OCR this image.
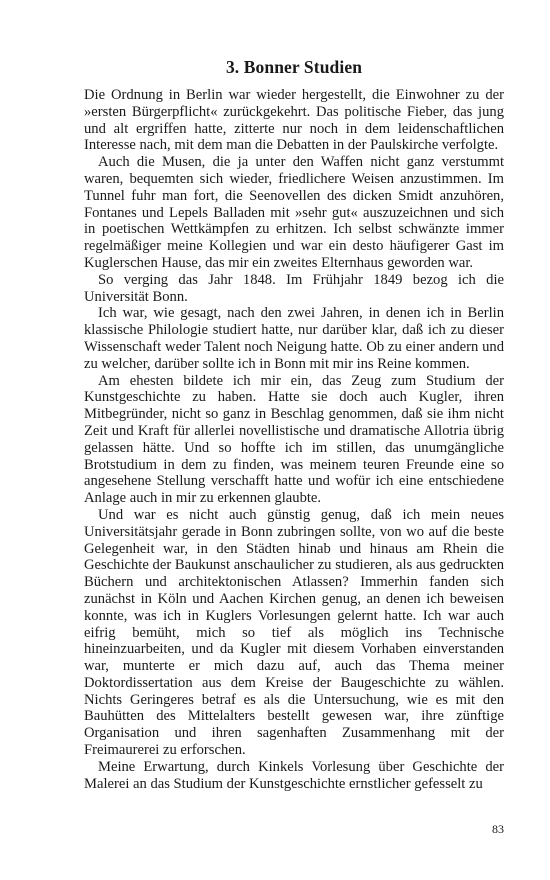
3. Bonner Studien

Die Ordnung in Berlin war wieder hergestellt, die Einwohner zu der »ersten Bürgerpflicht« zurückgekehrt. Das politische Fieber, das jung und alt ergriffen hatte, zitterte nur noch in dem leidenschaftlichen Interesse nach, mit dem man die Debatten in der Paulskirche verfolgte.

Auch die Musen, die ja unter den Waffen nicht ganz verstummt waren, bequemten sich wieder, friedlichere Weisen anzustimmen. Im Tunnel fuhr man fort, die Seenovellen des dicken Smidt anzuhören, Fontanes und Lepels Balladen mit »sehr gut« auszuzeichnen und sich in poetischen Wettkämpfen zu erhitzen. Ich selbst schwänzte immer regelmäßiger meine Kollegien und war ein desto häufigerer Gast im Kuglerschen Hause, das mir ein zweites Elternhaus geworden war.

So verging das Jahr 1848. Im Frühjahr 1849 bezog ich die Universität Bonn.

Ich war, wie gesagt, nach den zwei Jahren, in denen ich in Berlin klassische Philologie studiert hatte, nur darüber klar, daß ich zu dieser Wissenschaft weder Talent noch Neigung hatte. Ob zu einer andern und zu welcher, darüber sollte ich in Bonn mit mir ins Reine kommen.

Am ehesten bildete ich mir ein, das Zeug zum Studium der Kunstgeschichte zu haben. Hatte sie doch auch Kugler, ihren Mitbegründer, nicht so ganz in Beschlag genommen, daß sie ihm nicht Zeit und Kraft für allerlei novellistische und dramatische Allotria übrig gelassen hätte. Und so hoffte ich im stillen, das unumgängliche Brotstudium in dem zu finden, was meinem teuren Freunde eine so angesehene Stellung verschafft hatte und wofür ich eine entschiedene Anlage auch in mir zu erkennen glaubte.

Und war es nicht auch günstig genug, daß ich mein neues Universitätsjahr gerade in Bonn zubringen sollte, von wo auf die beste Gelegenheit war, in den Städten hinab und hinaus am Rhein die Geschichte der Baukunst anschaulicher zu studieren, als aus gedruckten Büchern und architektonischen Atlassen? Immerhin fanden sich zunächst in Köln und Aachen Kirchen genug, an denen ich beweisen konnte, was ich in Kuglers Vorlesungen gelernt hatte. Ich war auch eifrig bemüht, mich so tief als möglich ins Technische hineinzuarbeiten, und da Kugler mit diesem Vorhaben einverstanden war, munterte er mich dazu auf, auch das Thema meiner Doktordissertation aus dem Kreise der Baugeschichte zu wählen. Nichts Geringeres betraf es als die Untersuchung, wie es mit den Bauhütten des Mittelalters bestellt gewesen war, ihre zünftige Organisation und ihren sagenhaften Zusammenhang mit der Freimaurerei zu erforschen.

Meine Erwartung, durch Kinkels Vorlesung über Geschichte der Malerei an das Studium der Kunstgeschichte ernstlicher gefesselt zu

83
